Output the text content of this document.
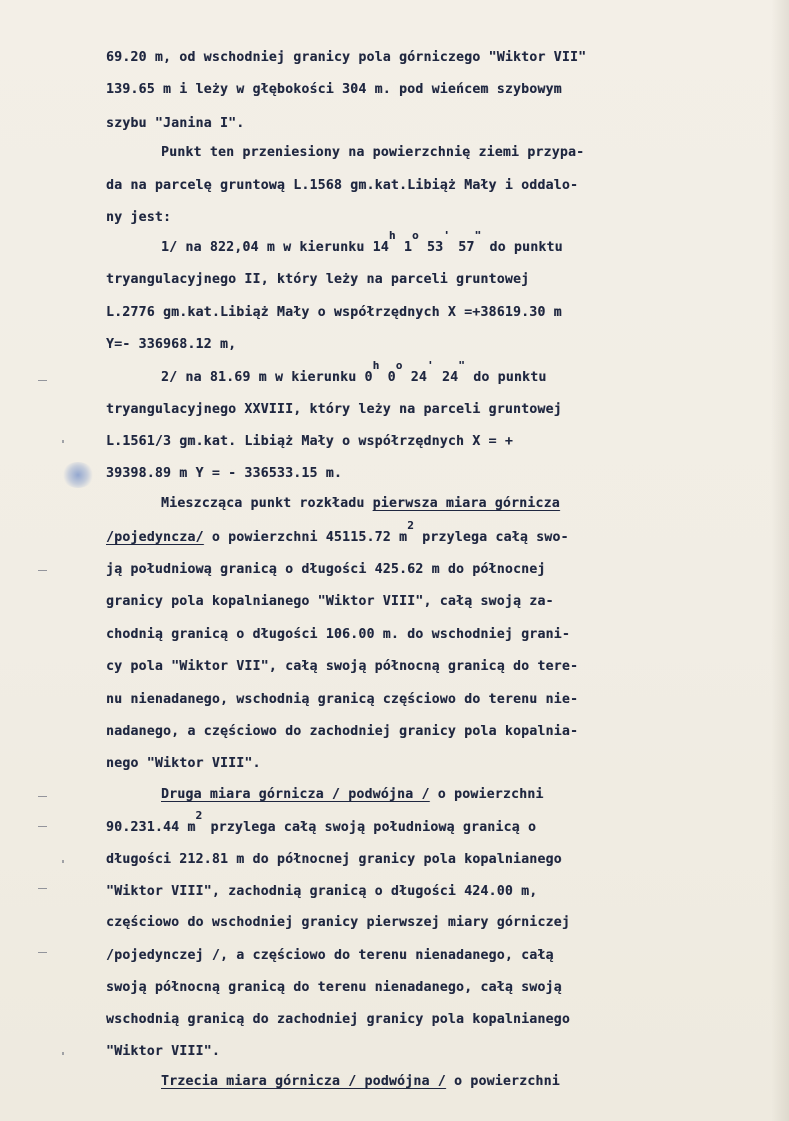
69.20 m, od wschodniej granicy pola górniczego "Wiktor VII"
139.65 m i leży w głębokości 304 m. pod wieńcem szybowym
szybu "Janina I".
Punkt ten przeniesiony na powierzchnię ziemi przypa-
da na parcelę gruntową L.1568 gm.kat.Libiąż Mały i oddalo-
ny jest:
1/ na 822,04 m w kierunku 14$^h$ 1$^o$ 53' 57" do punktu
tryangulacyjnego II, który leży na parceli gruntowej
L.2776 gm.kat.Libiąż Mały o współrzędnych X =+38619.30 m
Y=- 336968.12 m,
2/ na 81.69 m w kierunku 0$^h$ 0$^o$ 24' 24" do punktu
tryangulacyjnego XXVIII, który leży na parceli gruntowej
L.1561/3 gm.kat. Libiąż Mały o współrzędnych X = +
39398.89 m Y = - 336533.15 m.
Mieszcząca punkt rozkładu pierwsza miara górnicza
/pojedyncza/ o powierzchni 45115.72 $m^2$ przylega całą swo-
ją południową granicą o długości 425.62 m do północnej
granicy pola kopalnianego "Wiktor VIII", całą swoją za-
chodnią granicą o długości 106.00 m. do wschodniej grani-
cy pola "Wiktor VII", całą swoją północną granicą do tere-
nu nienadanego, wschodnią granicą częściowo do terenu nie-
nadanego, a częściowo do zachodniej granicy pola kopalnia-
nego "Wiktor VIII".
Druga miara górnicza / podwójna / o powierzchni
90.231.44 $m^2$ przylega całą swoją południową granicą o
długości 212.81 m do północnej granicy pola kopalnianego
"Wiktor VIII", zachodnią granicą o długości 424.00 m,
częściowo do wschodniej granicy pierwszej miary górniczej
/pojedynczej /, a częściowo do terenu nienadanego, całą
swoją północną granicą do terenu nienadanego, całą swoją
wschodnią granicą do zachodniej granicy pola kopalnianego
"Wiktor VIII".
Trzecia miara górnicza / podwójna / o powierzchni
